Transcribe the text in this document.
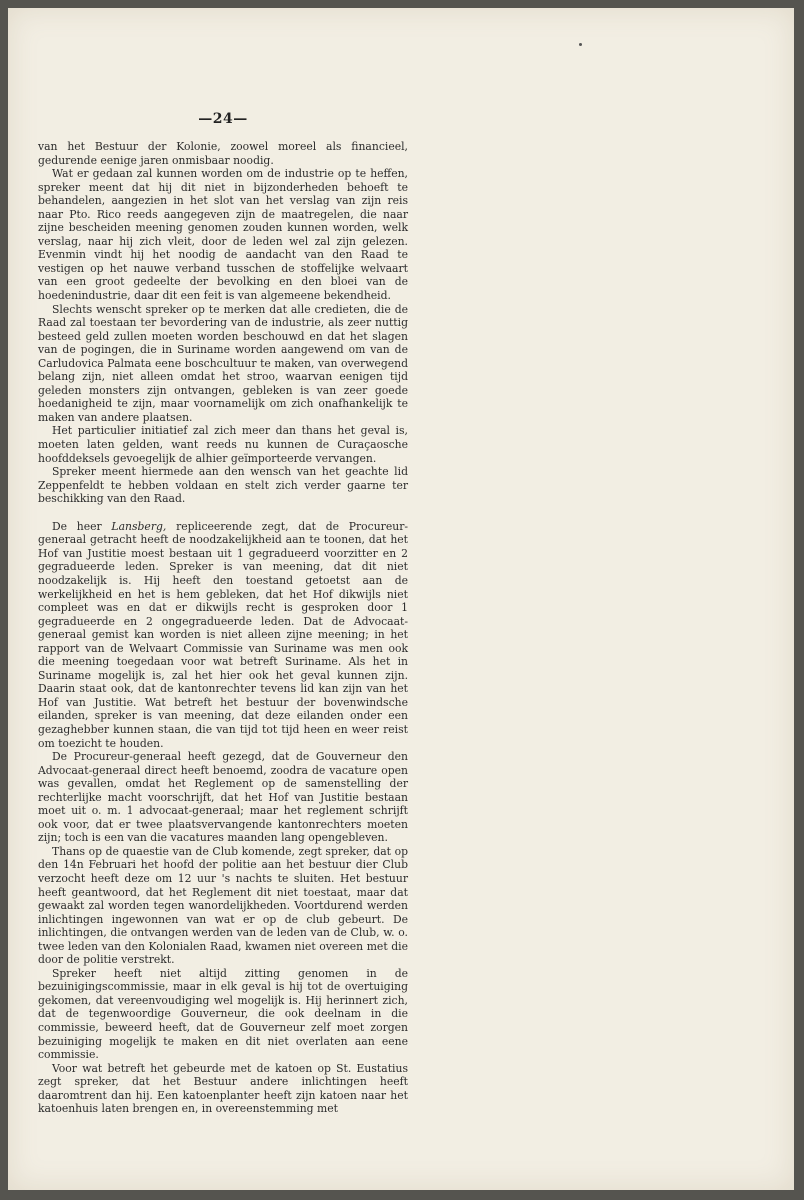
—24—

van het Bestuur der Kolonie, zoowel moreel als financieel, gedurende eenige jaren onmisbaar noodig.

Wat er gedaan zal kunnen worden om de industrie op te heffen, spreker meent dat hij dit niet in bijzonderheden behoeft te behandelen, aangezien in het slot van het verslag van zijn reis naar Pto. Rico reeds aangegeven zijn de maatregelen, die naar zijne bescheiden meening genomen zouden kunnen worden, welk verslag, naar hij zich vleit, door de leden wel zal zijn gelezen. Evenmin vindt hij het noodig de aandacht van den Raad te vestigen op het nauwe verband tusschen de stoffelijke welvaart van een groot gedeelte der bevolking en den bloei van de hoedenindustrie, daar dit een feit is van algemeene bekendheid.

Slechts wenscht spreker op te merken dat alle credieten, die de Raad zal toestaan ter bevordering van de industrie, als zeer nuttig besteed geld zullen moeten worden beschouwd en dat het slagen van de pogingen, die in Suriname worden aangewend om van de Carludovica Palmata eene boschcultuur te maken, van overwegend belang zijn, niet alleen omdat het stroo, waarvan eenigen tijd geleden monsters zijn ontvangen, gebleken is van zeer goede hoedanigheid te zijn, maar voornamelijk om zich onafhankelijk te maken van andere plaatsen.

Het particulier initiatief zal zich meer dan thans het geval is, moeten laten gelden, want reeds nu kunnen de Curaçaosche hoofddeksels gevoegelijk de alhier geïmporteerde vervangen.

Spreker meent hiermede aan den wensch van het geachte lid Zeppenfeldt te hebben voldaan en stelt zich verder gaarne ter beschikking van den Raad.

De heer Lansberg, repliceerende zegt, dat de Procureur-generaal getracht heeft de noodzakelijkheid aan te toonen, dat het Hof van Justitie moest bestaan uit 1 gegradueerd voorzitter en 2 gegradueerde leden. Spreker is van meening, dat dit niet noodzakelijk is. Hij heeft den toestand getoetst aan de werkelijkheid en het is hem gebleken, dat het Hof dikwijls niet compleet was en dat er dikwijls recht is gesproken door 1 gegradueerde en 2 ongegradueerde leden. Dat de Advocaat-generaal gemist kan worden is niet alleen zijne meening; in het rapport van de Welvaart Commissie van Suriname was men ook die meening toegedaan voor wat betreft Suriname. Als het in Suriname mogelijk is, zal het hier ook het geval kunnen zijn. Daarin staat ook, dat de kantonrechter tevens lid kan zijn van het Hof van Justitie. Wat betreft het bestuur der bovenwindsche eilanden, spreker is van meening, dat deze eilanden onder een gezaghebber kunnen staan, die van tijd tot tijd heen en weer reist om toezicht te houden.

De Procureur-generaal heeft gezegd, dat de Gouverneur den Advocaat-generaal direct heeft benoemd, zoodra de vacature open was gevallen, omdat het Reglement op de samenstelling der rechterlijke macht voorschrijft, dat het Hof van Justitie bestaan moet uit o. m. 1 advocaat-generaal; maar het reglement schrijft ook voor, dat er twee plaatsvervangende kantonrechters moeten zijn; toch is een van die vacatures maanden lang opengebleven.

Thans op de quaestie van de Club komende, zegt spreker, dat op den 14n Februari het hoofd der politie aan het bestuur dier Club verzocht heeft deze om 12 uur 's nachts te sluiten. Het bestuur heeft geantwoord, dat het Reglement dit niet toestaat, maar dat gewaakt zal worden tegen wanordelijkheden. Voortdurend werden inlichtingen ingewonnen van wat er op de club gebeurt. De inlichtingen, die ontvangen werden van de leden van de Club, w. o. twee leden van den Kolonialen Raad, kwamen niet overeen met die door de politie verstrekt.

Spreker heeft niet altijd zitting genomen in de bezuinigingscommissie, maar in elk geval is hij tot de overtuiging gekomen, dat vereenvoudiging wel mogelijk is. Hij herinnert zich, dat de tegenwoordige Gouverneur, die ook deelnam in die commissie, beweerd heeft, dat de Gouverneur zelf moet zorgen bezuiniging mogelijk te maken en dit niet overlaten aan eene commissie.

Voor wat betreft het gebeurde met de katoen op St. Eustatius zegt spreker, dat het Bestuur andere inlichtingen heeft daaromtrent dan hij. Een katoenplanter heeft zijn katoen naar het katoenhuis laten brengen en, in overeenstemming met
